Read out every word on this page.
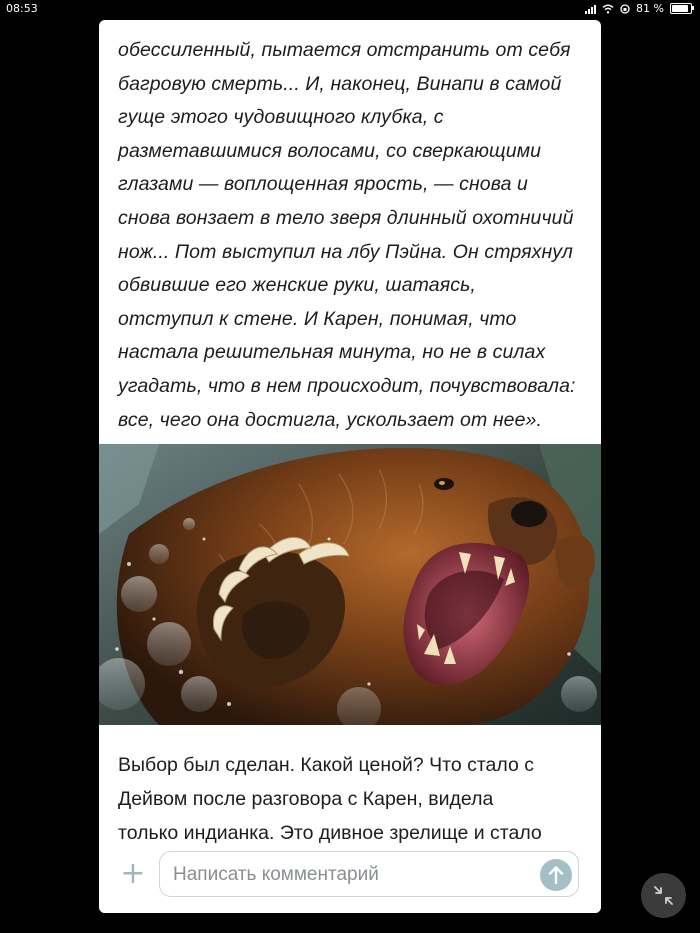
08:53	81 %

обессиленный, пытается отстранить от себя

багровую смерть... И, наконец, Винапи в самой

гуще этого чудовищного клубка, с

разметавшимися волосами, со сверкающими

глазами — воплощенная ярость, — снова и

снова вонзает в тело зверя длинный охотничий

нож... Пот выступил на лбу Пэйна. Он стряхнул

обвившие его женские руки, шатаясь,

отступил к стене. И Карен, понимая, что

настала решительная минута, но не в силах

угадать, что в нем происходит, почувствовала:

все, чего она достигла, ускользает от нее».

Выбор был сделан. Какой ценой? Что стало с

Дейвом после разговора с Карен, видела

только индианка. Это дивное зрелище и стало

+ Написать комментарий
